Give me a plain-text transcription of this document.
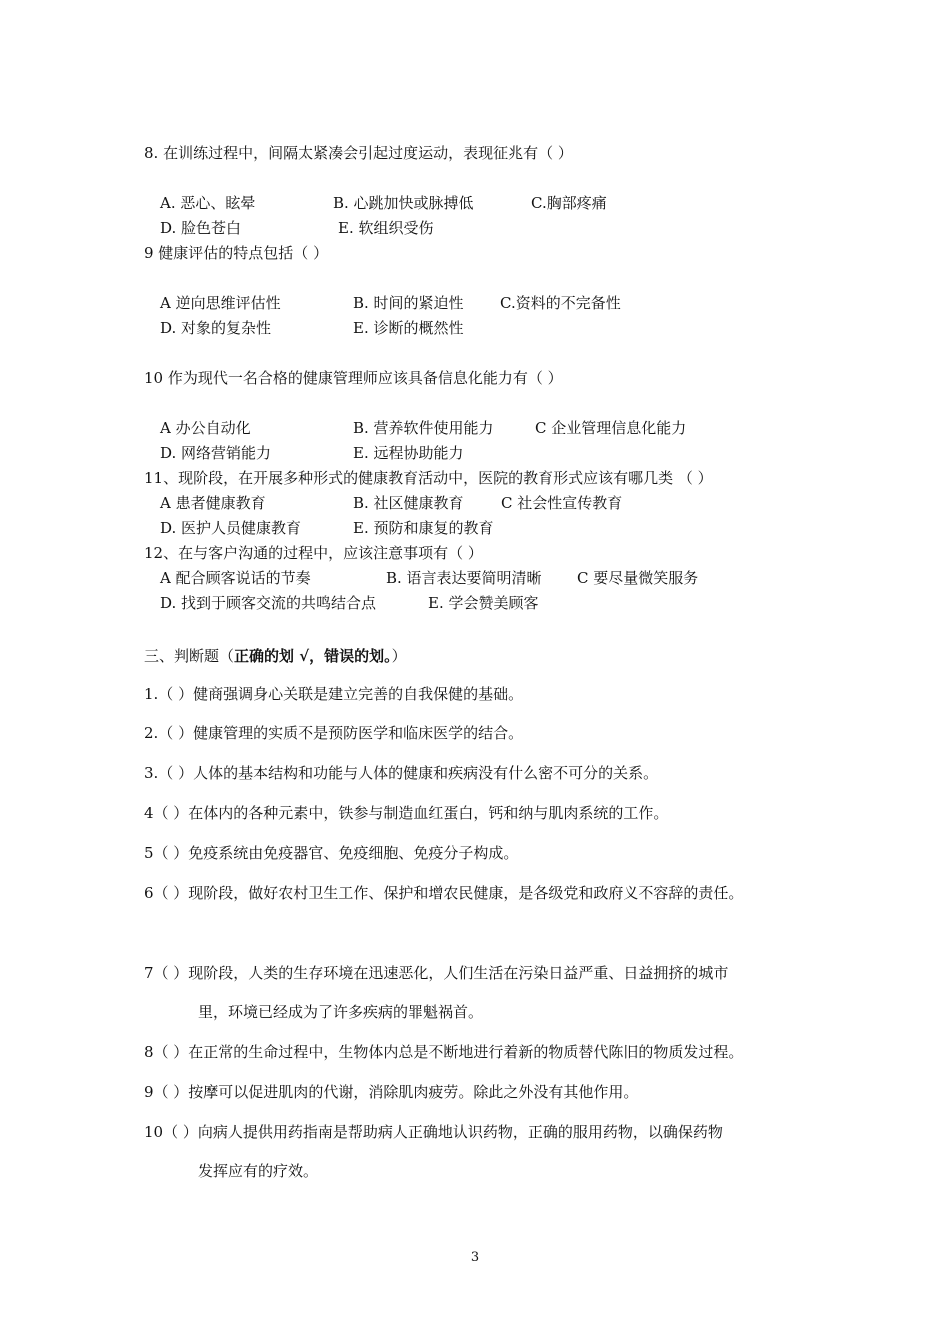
8. 在训练过程中，间隔太紧凑会引起过度运动，表现征兆有（ ）
A. 恶心、眩晕	B. 心跳加快或脉搏低	C.胸部疼痛
D. 脸色苍白	E. 软组织受伤
9 健康评估的特点包括（ ）
A 逆向思维评估性	B. 时间的紧迫性 C.资料的不完备性
D. 对象的复杂性	E. 诊断的概然性
10 作为现代一名合格的健康管理师应该具备信息化能力有（ ）
A 办公自动化	B. 营养软件使用能力	C 企业管理信息化能力
D. 网络营销能力	E. 远程协助能力
11、现阶段，在开展多种形式的健康教育活动中，医院的教育形式应该有哪几类 （ ）
A 患者健康教育	B. 社区健康教育 C 社会性宣传教育
D. 医护人员健康教育	E. 预防和康复的教育
12、在与客户沟通的过程中，应该注意事项有（ ）
A 配合顾客说话的节奏	B. 语言表达要简明清晰 C 要尽量微笑服务
D. 找到于顾客交流的共鸣结合点	E. 学会赞美顾客
三、判断题（正确的划 √，错误的划。）
1.（ ）健商强调身心关联是建立完善的自我保健的基础。
2.（ ）健康管理的实质不是预防医学和临床医学的结合。
3.（ ）人体的基本结构和功能与人体的健康和疾病没有什么密不可分的关系。
4（ ）在体内的各种元素中，铁参与制造血红蛋白，钙和纳与肌肉系统的工作。
5（ ）免疫系统由免疫器官、免疫细胞、免疫分子构成。
6（ ）现阶段，做好农村卫生工作、保护和增农民健康，是各级党和政府义不容辞的责任。
7（ ）现阶段，人类的生存环境在迅速恶化，人们生活在污染日益严重、日益拥挤的城市
里，环境已经成为了许多疾病的罪魁祸首。
8（ ）在正常的生命过程中，生物体内总是不断地进行着新的物质替代陈旧的物质发过程。
9（ ）按摩可以促进肌肉的代谢，消除肌肉疲劳。除此之外没有其他作用。
10（ ）向病人提供用药指南是帮助病人正确地认识药物，正确的服用药物，以确保药物
发挥应有的疗效。
3
